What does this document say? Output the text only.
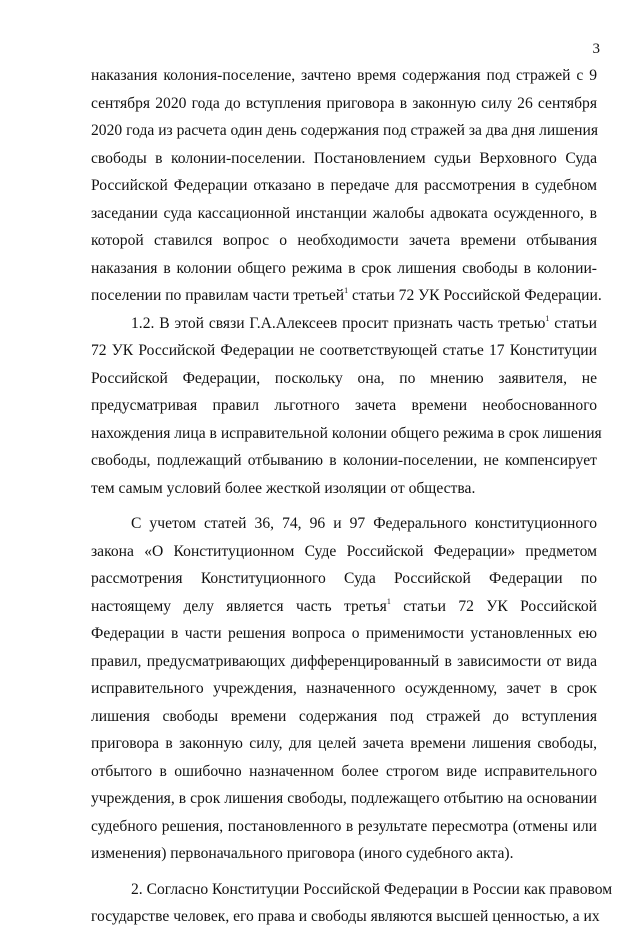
3
наказания колония-поселение, зачтено время содержания под стражей с 9
сентября 2020 года до вступления приговора в законную силу 26 сентября
2020 года из расчета один день содержания под стражей за два дня лишения
свободы в колонии-поселении. Постановлением судьи Верховного Суда
Российской Федерации отказано в передаче для рассмотрения в судебном
заседании суда кассационной инстанции жалобы адвоката осужденного, в
которой ставился вопрос о необходимости зачета времени отбывания
наказания в колонии общего режима в срок лишения свободы в колонии-
поселении по правилам части третьей$^1$ статьи 72 УК Российской Федерации.
1.2. В этой связи Г.А.Алексеев просит признать часть третью$^1$ статьи
72 УК Российской Федерации не соответствующей статье 17 Конституции
Российской Федерации, поскольку она, по мнению заявителя, не
предусматривая правил льготного зачета времени необоснованного
нахождения лица в исправительной колонии общего режима в срок лишения
свободы, подлежащий отбыванию в колонии-поселении, не компенсирует
тем самым условий более жесткой изоляции от общества.
С учетом статей 36, 74, 96 и 97 Федерального конституционного
закона «О Конституционном Суде Российской Федерации» предметом
рассмотрения Конституционного Суда Российской Федерации по
настоящему делу является часть третья$^1$ статьи 72 УК Российской
Федерации в части решения вопроса о применимости установленных ею
правил, предусматривающих дифференцированный в зависимости от вида
исправительного учреждения, назначенного осужденному, зачет в срок
лишения свободы времени содержания под стражей до вступления
приговора в законную силу, для целей зачета времени лишения свободы,
отбытого в ошибочно назначенном более строгом виде исправительного
учреждения, в срок лишения свободы, подлежащего отбытию на основании
судебного решения, постановленного в результате пересмотра (отмены или
изменения) первоначального приговора (иного судебного акта).
2. Согласно Конституции Российской Федерации в России как правовом
государстве человек, его права и свободы являются высшей ценностью, а их
